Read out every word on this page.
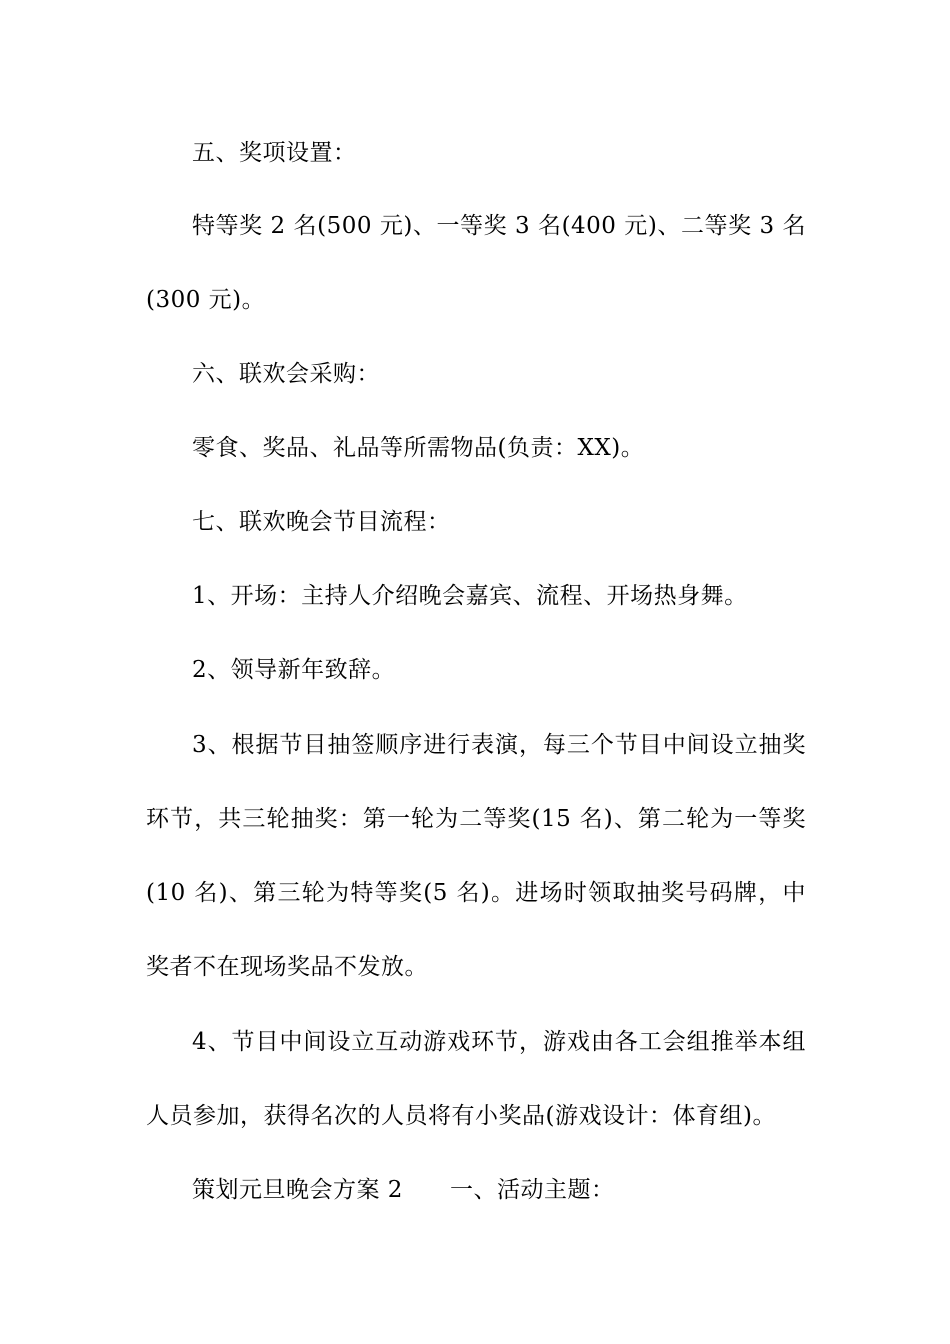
五、奖项设置：
特等奖 2 名(500 元)、一等奖 3 名(400 元)、二等奖 3 名
(300 元)。
六、联欢会采购：
零食、奖品、礼品等所需物品(负责：XX)。
七、联欢晚会节目流程：
1、开场：主持人介绍晚会嘉宾、流程、开场热身舞。
2、领导新年致辞。
3、根据节目抽签顺序进行表演，每三个节目中间设立抽奖
环节，共三轮抽奖：第一轮为二等奖(15 名)、第二轮为一等奖
(10 名)、第三轮为特等奖(5 名)。进场时领取抽奖号码牌，中
奖者不在现场奖品不发放。
4、节目中间设立互动游戏环节，游戏由各工会组推举本组
人员参加，获得名次的人员将有小奖品(游戏设计：体育组)。
策划元旦晚会方案 2　　一、活动主题：
